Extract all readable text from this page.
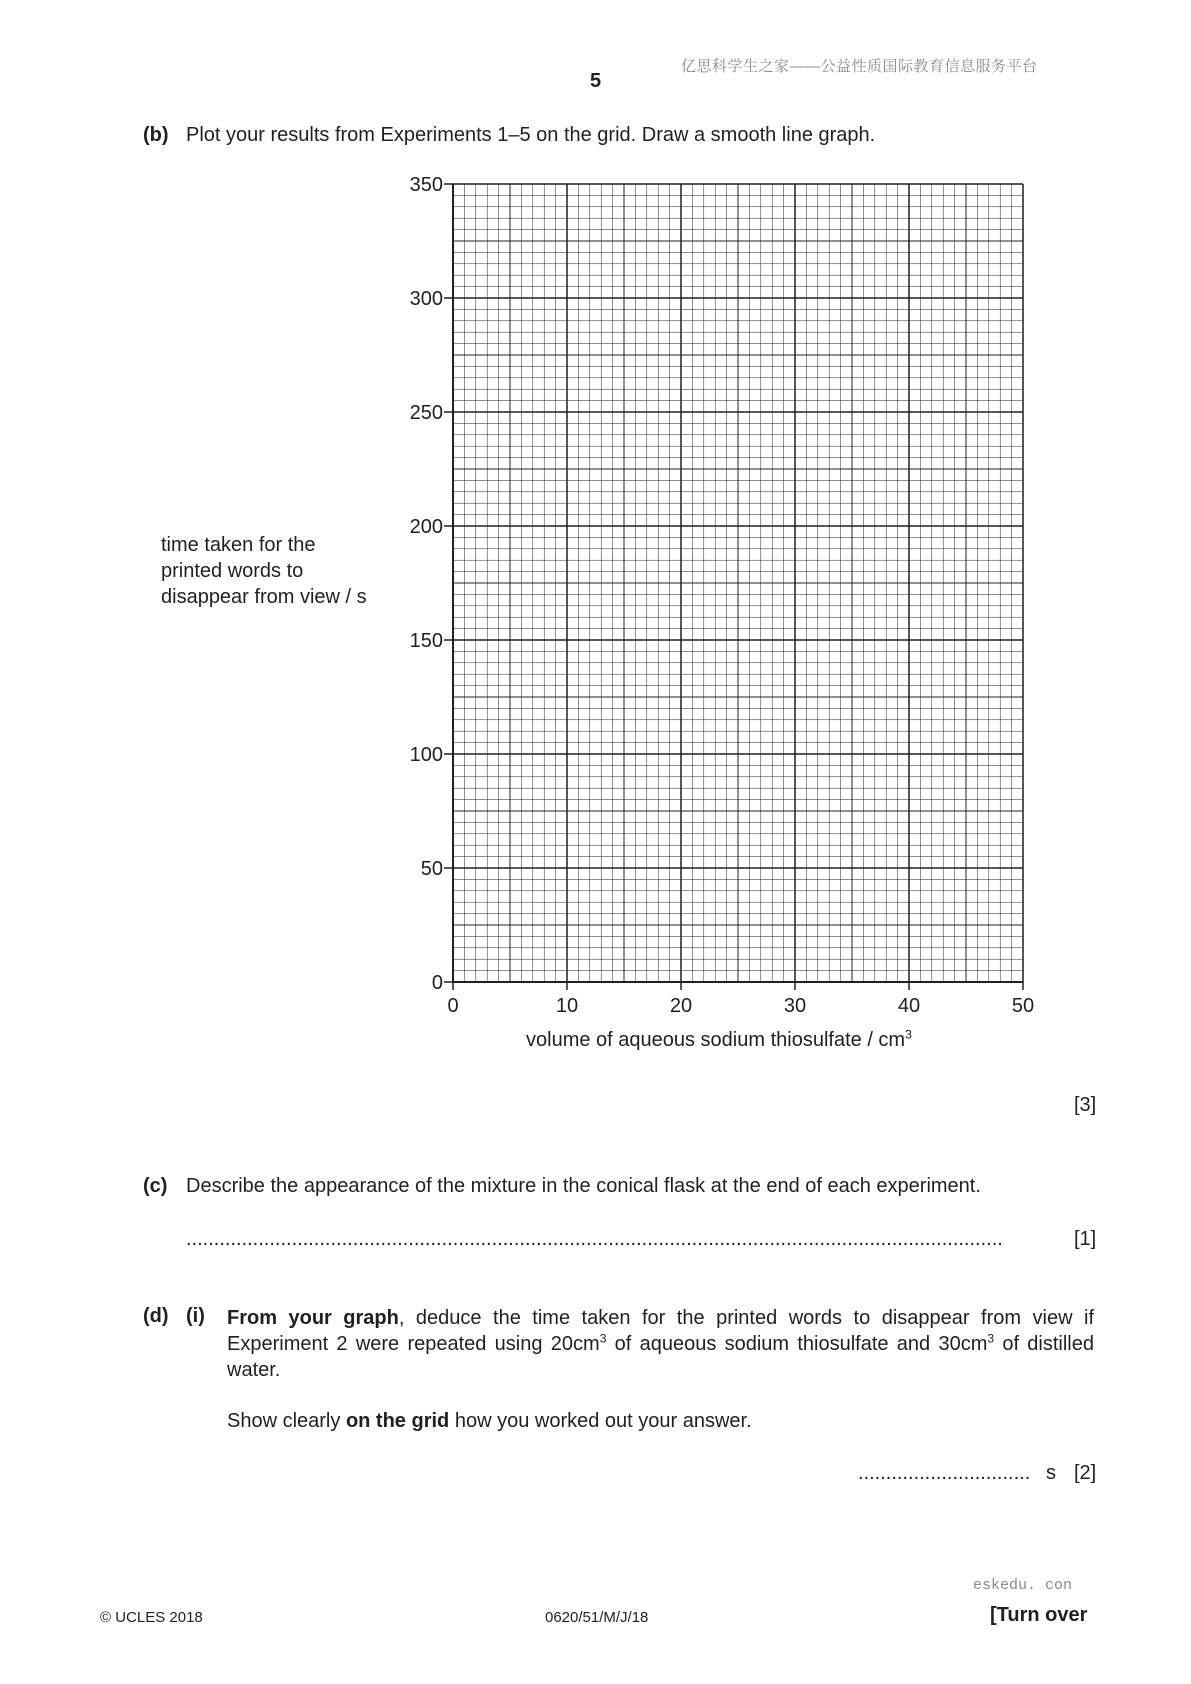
亿思科学生之家——公益性质国际教育信息服务平台
5
(b) Plot your results from Experiments 1–5 on the grid. Draw a smooth line graph.
time taken for the
printed words to
disappear from view / s
0
50
100
150
200
250
300
350
0	10	20	30	40	50
volume of aqueous sodium thiosulfate / $cm^3$
[3]
(c) Describe the appearance of the mixture in the conical flask at the end of each experiment.
...................................................................................................................................................	[1]
(d) (i) From your graph, deduce the time taken for the printed words to disappear from view if Experiment 2 were repeated using $20cm^3$ of aqueous sodium thiosulfate and $30cm^3$ of distilled water.
Show clearly on the grid how you worked out your answer.
............................... s [2]
eskedu. con
© UCLES 2018	0620/51/M/J/18	[Turn over
